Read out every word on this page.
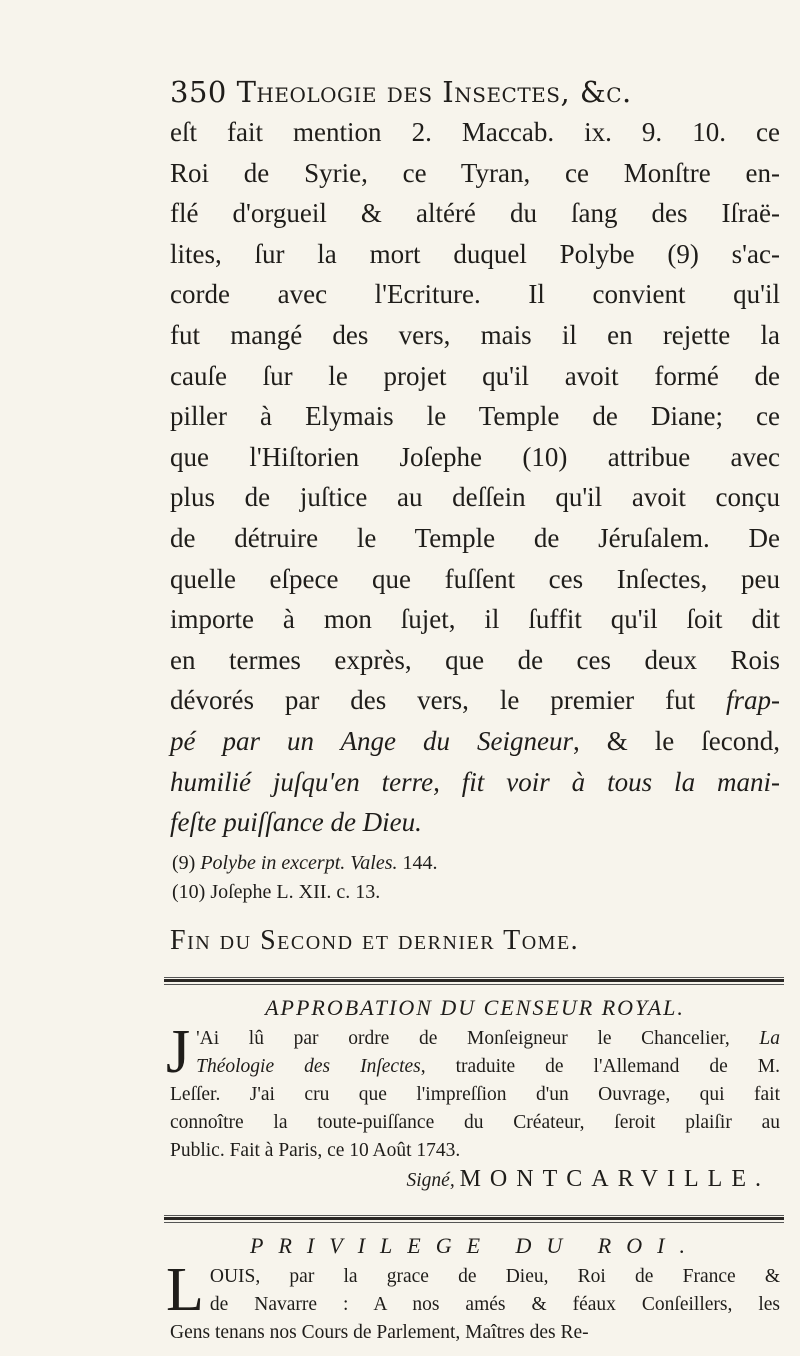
350 Theologie des Insectes, &c.

eſt fait mention 2. Maccab. ix. 9. 10. ce
Roi de Syrie, ce Tyran, ce Monſtre en-
flé d'orgueil & altéré du ſang des Iſraë-
lites, ſur la mort duquel Polybe (9) s'ac-
corde avec l'Ecriture. Il convient qu'il
fut mangé des vers, mais il en rejette la
cauſe ſur le projet qu'il avoit formé de
piller à Elymais le Temple de Diane; ce
que l'Hiſtorien Joſephe (10) attribue avec
plus de juſtice au deſſein qu'il avoit conçu
de détruire le Temple de Jéruſalem. De
quelle eſpece que fuſſent ces Inſectes, peu
importe à mon ſujet, il ſuffit qu'il ſoit dit
en termes exprès, que de ces deux Rois
dévorés par des vers, le premier fut frap-
pé par un Ange du Seigneur, & le ſecond,
humilié juſqu'en terre, fit voir à tous la mani-
feſte puiſſance de Dieu.

(9) Polybe in excerpt. Vales. 144.
(10) Joſephe L. XII. c. 13.
Fin du Second et dernier Tome.
APPROBATION DU CENSEUR ROYAL.

J 'Ai lû par ordre de Monſeigneur le Chancelier, La
Théologie des Inſectes, traduite de l'Allemand de M.
Leſſer. J'ai cru que l'impreſſion d'un Ouvrage, qui fait
connoître la toute-puiſſance du Créateur, ſeroit plaiſir au
Public. Fait à Paris, ce 10 Août 1743.

Signé, MONTCARVILLE.
PRIVILEGE DU ROI.

L OUIS, par la grace de Dieu, Roi de France &
de Navarre : A nos amés & féaux Conſeillers, les
Gens tenans nos Cours de Parlement, Maîtres des Re-
